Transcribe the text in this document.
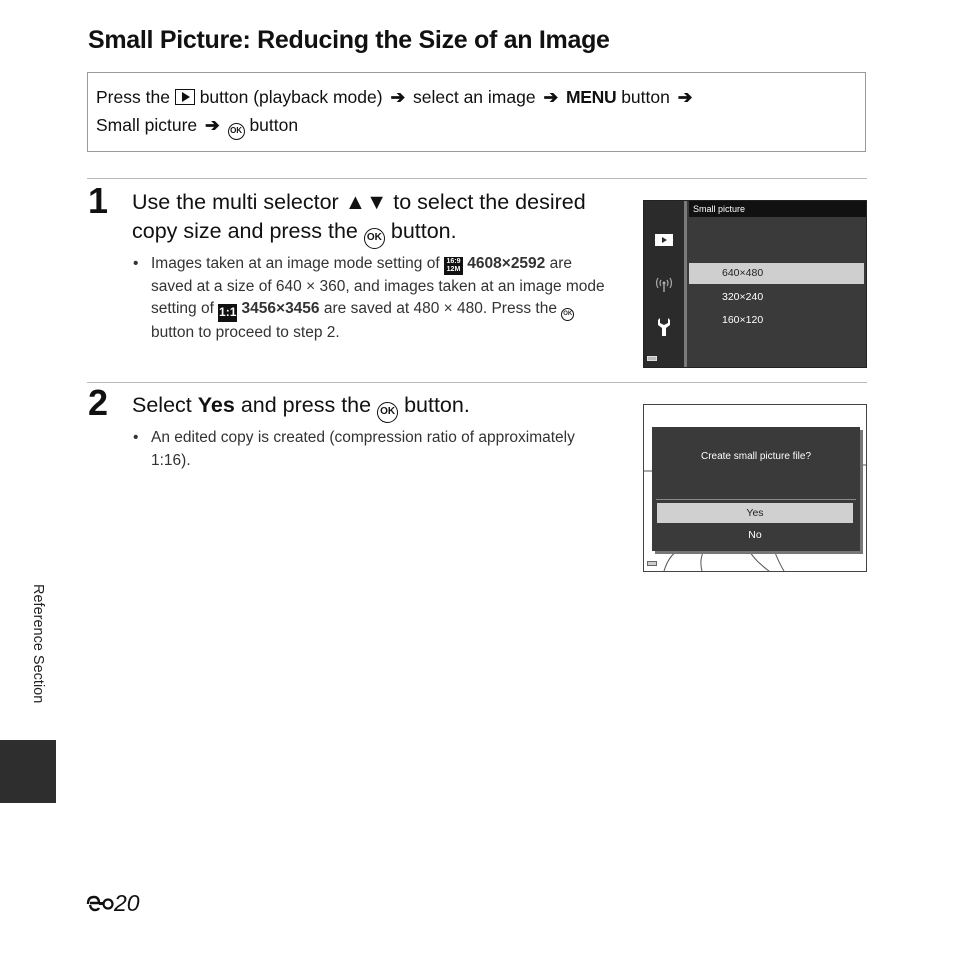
Small Picture: Reducing the Size of an Image
Press the button (playback mode) ➔ select an image ➔ MENU button ➔
Small picture ➔ OK button
1 Use the multi selector ▲▼ to select the desired copy size and press the OK button.
• Images taken at an image mode setting of 16:9
12M 4608×2592 are saved at a size of 640 × 360, and images taken at an image mode setting of 1:1 3456×3456 are saved at 480 × 480. Press the OK button to proceed to step 2.
Small picture
640×480
320×240
160×120
2 Select Yes and press the OK button.
• An edited copy is created (compression ratio of approximately 1:16).	Create small picture file?
Yes
No
Reference Section
20
